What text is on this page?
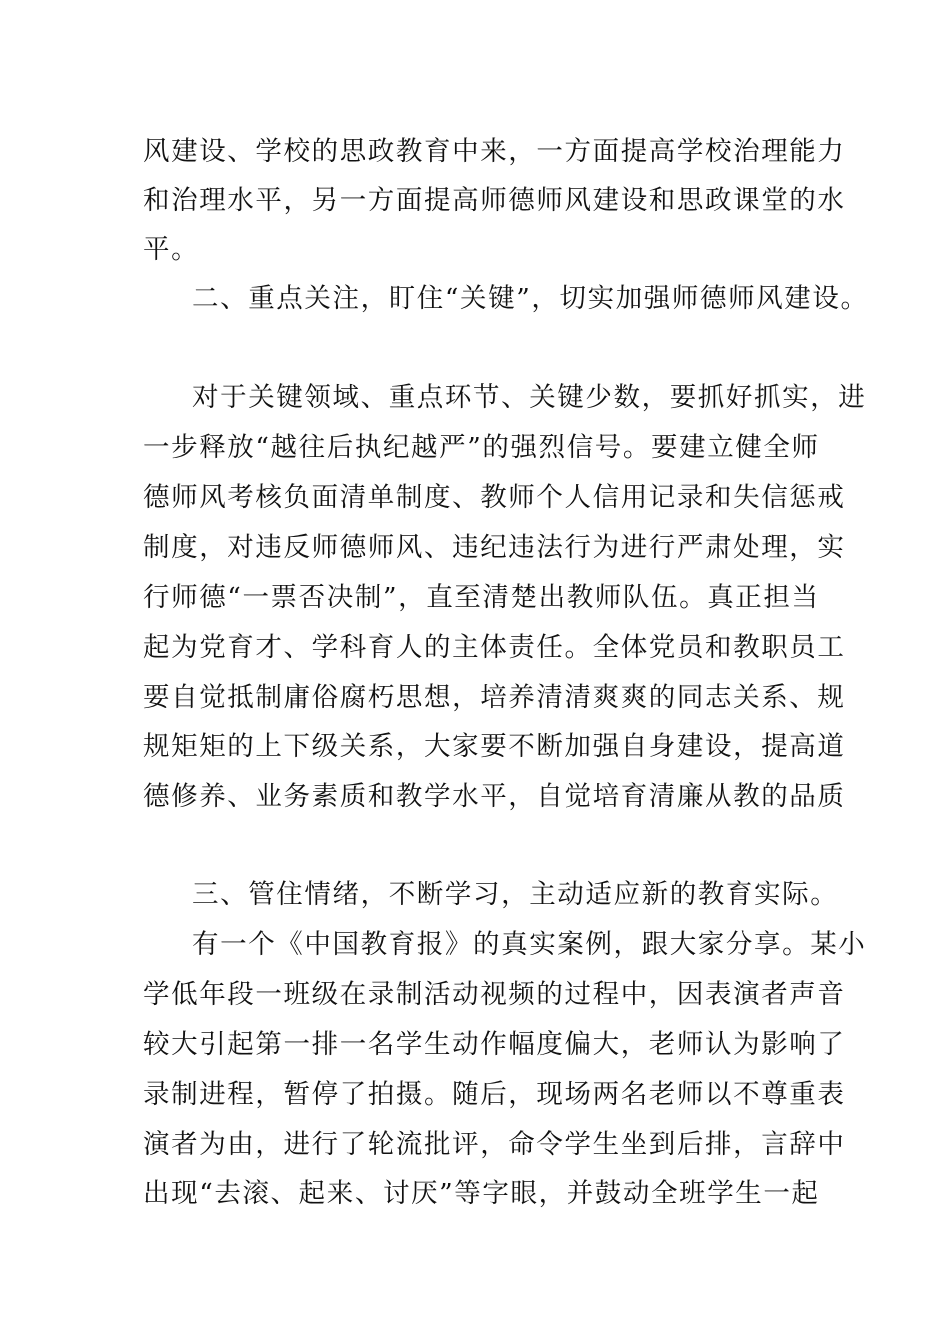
风建设、学校的思政教育中来，一方面提高学校治理能力
和治理水平，另一方面提高师德师风建设和思政课堂的水
平。
二、重点关注，盯住“关键”，切实加强师德师风建设。
对于关键领域、重点环节、关键少数，要抓好抓实，进
一步释放“越往后执纪越严”的强烈信号。要建立健全师
德师风考核负面清单制度、教师个人信用记录和失信惩戒
制度，对违反师德师风、违纪违法行为进行严肃处理，实
行师德“一票否决制”，直至清楚出教师队伍。真正担当
起为党育才、学科育人的主体责任。全体党员和教职员工
要自觉抵制庸俗腐朽思想，培养清清爽爽的同志关系、规
规矩矩的上下级关系，大家要不断加强自身建设，提高道
德修养、业务素质和教学水平，自觉培育清廉从教的品质
三、管住情绪，不断学习，主动适应新的教育实际。
有一个《中国教育报》的真实案例，跟大家分享。某小
学低年段一班级在录制活动视频的过程中，因表演者声音
较大引起第一排一名学生动作幅度偏大，老师认为影响了
录制进程，暂停了拍摄。随后，现场两名老师以不尊重表
演者为由，进行了轮流批评，命令学生坐到后排，言辞中
出现“去滚、起来、讨厌”等字眼，并鼓动全班学生一起
